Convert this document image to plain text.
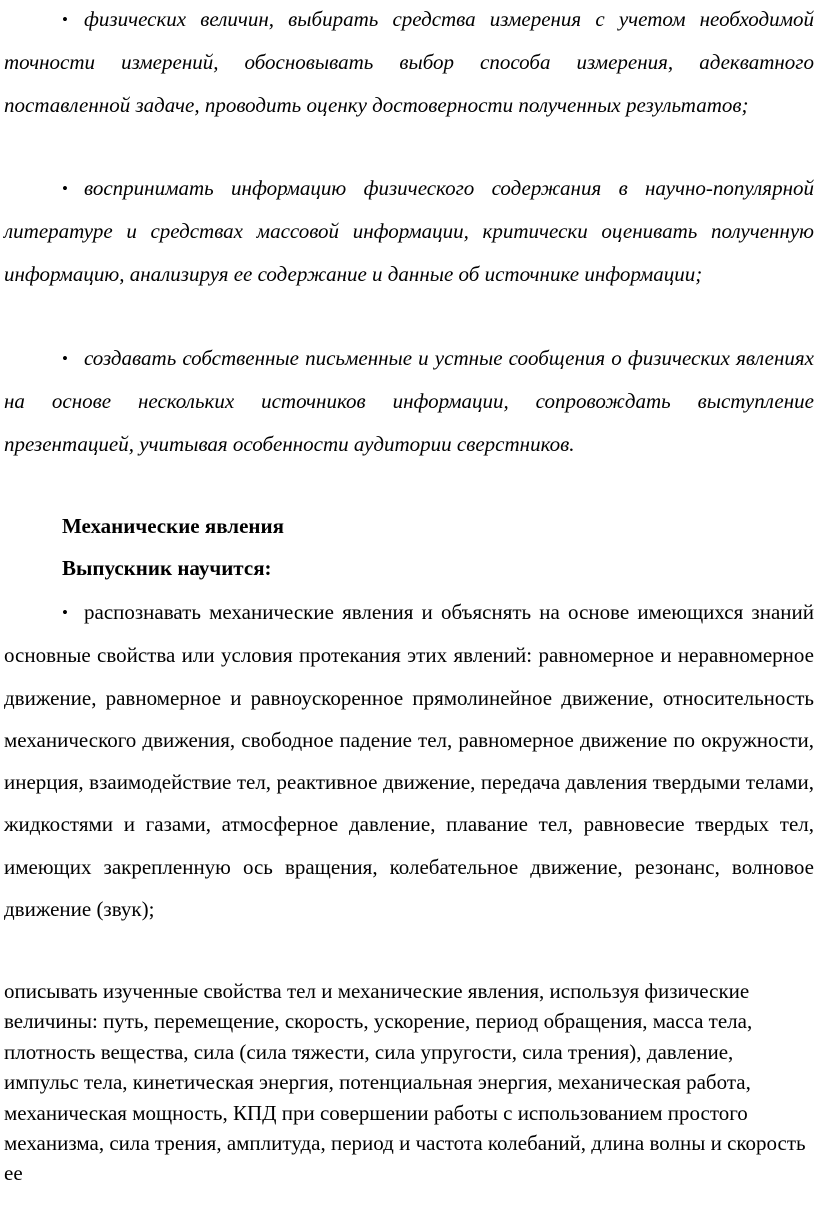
• физических величин, выбирать средства измерения с учетом необходимой точности измерений, обосновывать выбор способа измерения, адекватного поставленной задаче, проводить оценку достоверности полученных результатов;

• воспринимать информацию физического содержания в научно-популярной литературе и средствах массовой информации, критически оценивать полученную информацию, анализируя ее содержание и данные об источнике информации;

• создавать собственные письменные и устные сообщения о физических явлениях на основе нескольких источников информации, сопровождать выступление презентацией, учитывая особенности аудитории сверстников.

Механические явления

Выпускник научится:

• распознавать механические явления и объяснять на основе имеющихся знаний основные свойства или условия протекания этих явлений: равномерное и неравномерное движение, равномерное и равноускоренное прямолинейное движение, относительность механического движения, свободное падение тел, равномерное движение по окружности, инерция, взаимодействие тел, реактивное движение, передача давления твердыми телами, жидкостями и газами, атмосферное давление, плавание тел, равновесие твердых тел, имеющих закрепленную ось вращения, колебательное движение, резонанс, волновое движение (звук);

описывать изученные свойства тел и механические явления, используя физические величины: путь, перемещение, скорость, ускорение, период обращения, масса тела, плотность вещества, сила (сила тяжести, сила упругости, сила трения), давление, импульс тела, кинетическая энергия, потенциальная энергия, механическая работа, механическая мощность, КПД при совершении работы с использованием простого механизма, сила трения, амплитуда, период и частота колебаний, длина волны и скорость ее
